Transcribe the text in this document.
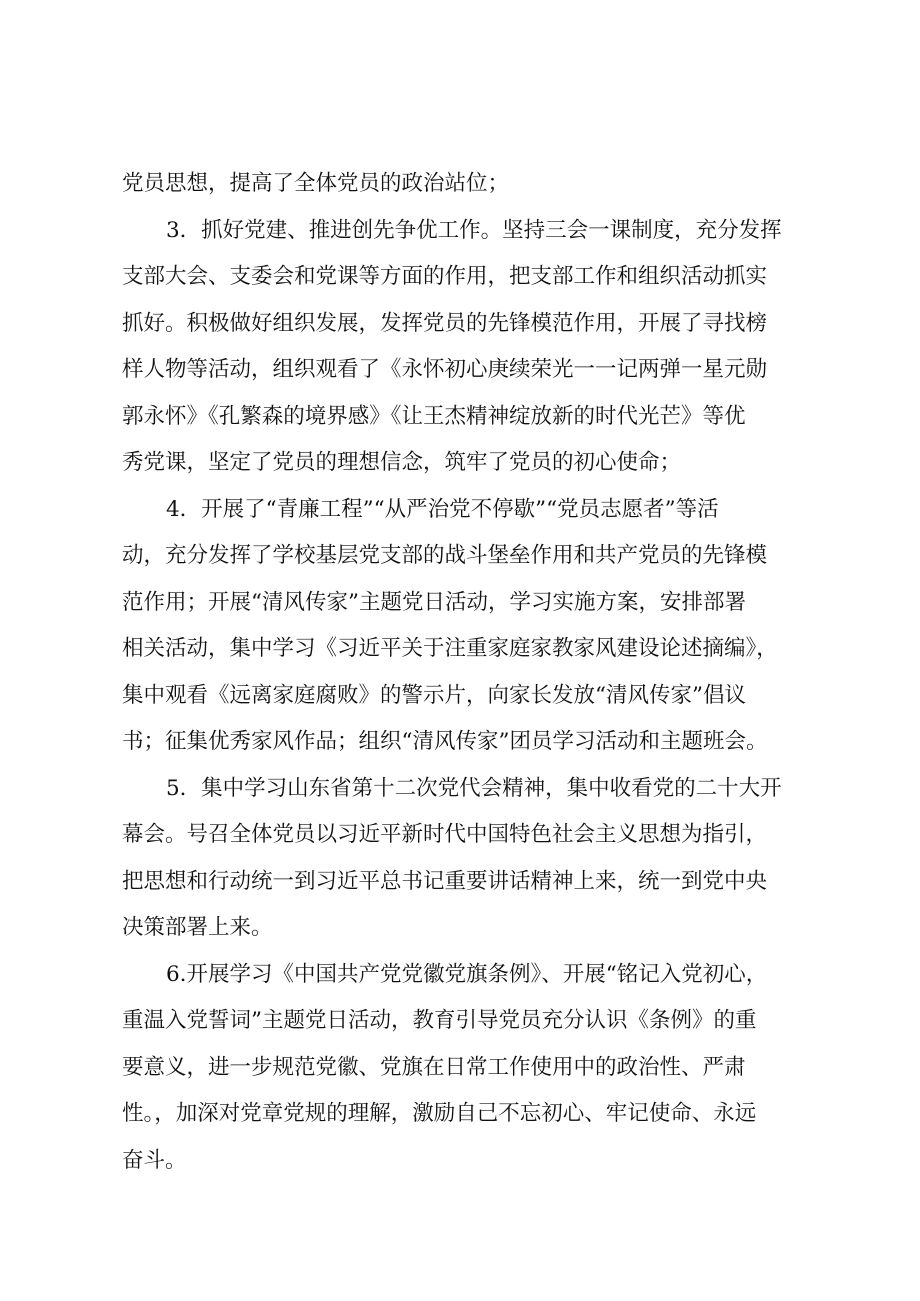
党员思想，提高了全体党员的政治站位；
3．抓好党建、推进创先争优工作。坚持三会一课制度，充分发挥
支部大会、支委会和党课等方面的作用，把支部工作和组织活动抓实
抓好。积极做好组织发展，发挥党员的先锋模范作用，开展了寻找榜
样人物等活动，组织观看了《永怀初心庚续荣光一一记两弹一星元勋
郭永怀》《孔繁森的境界感》《让王杰精神绽放新的时代光芒》等优
秀党课，坚定了党员的理想信念，筑牢了党员的初心使命；
4．开展了“青廉工程”“从严治党不停歇”“党员志愿者”等活
动，充分发挥了学校基层党支部的战斗堡垒作用和共产党员的先锋模
范作用；开展“清风传家”主题党日活动，学习实施方案，安排部署
相关活动，集中学习《习近平关于注重家庭家教家风建设论述摘编》，
集中观看《远离家庭腐败》的警示片，向家长发放“清风传家”倡议
书；征集优秀家风作品；组织“清风传家”团员学习活动和主题班会。
5．集中学习山东省第十二次党代会精神，集中收看党的二十大开
幕会。号召全体党员以习近平新时代中国特色社会主义思想为指引，
把思想和行动统一到习近平总书记重要讲话精神上来，统一到党中央
决策部署上来。
6.开展学习《中国共产党党徽党旗条例》、开展“铭记入党初心，
重温入党誓词”主题党日活动，教育引导党员充分认识《条例》的重
要意义，进一步规范党徽、党旗在日常工作使用中的政治性、严肃
性。，加深对党章党规的理解，激励自己不忘初心、牢记使命、永远
奋斗。
